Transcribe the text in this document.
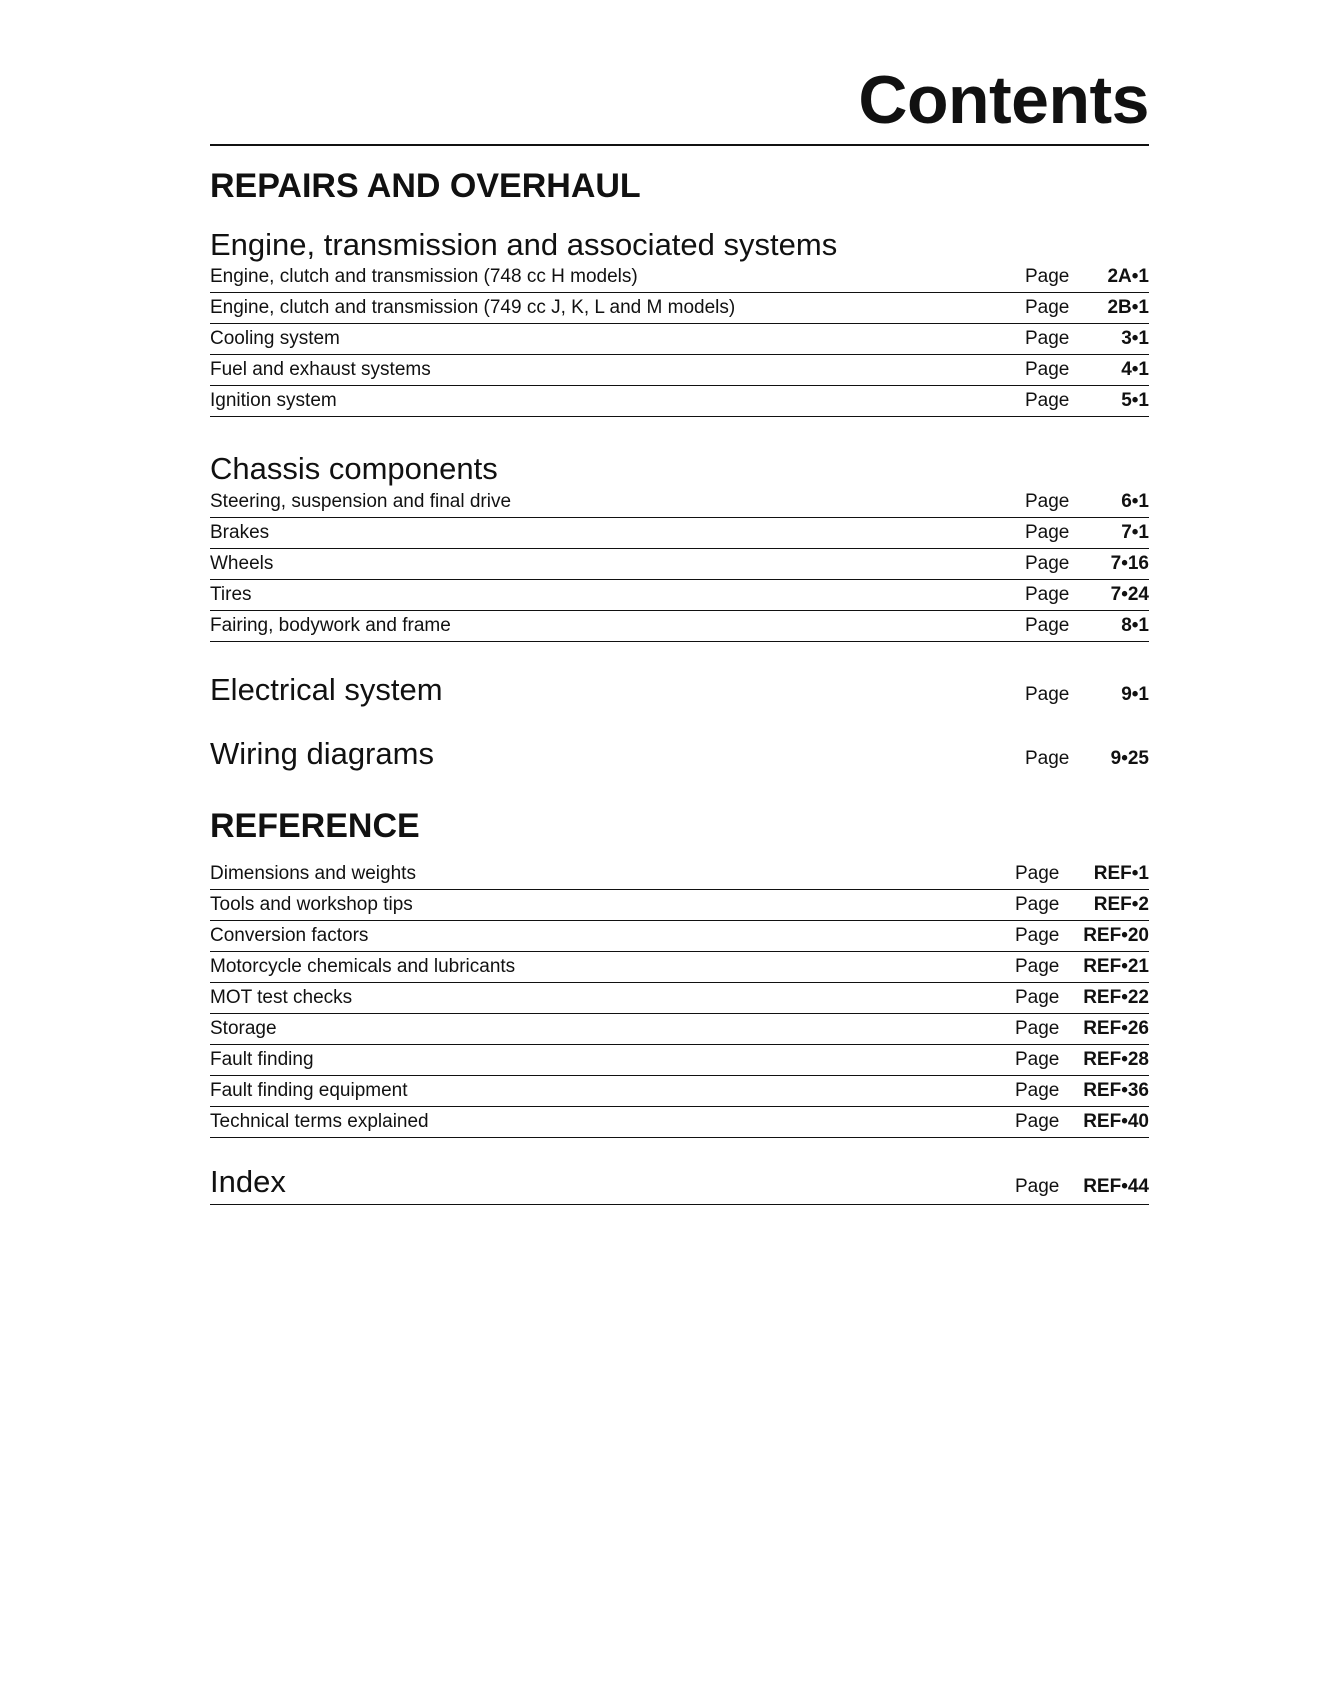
Contents
REPAIRS AND OVERHAUL
Engine, transmission and associated systems
Engine, clutch and transmission (748 cc H models)	Page	2A•1
Engine, clutch and transmission (749 cc J, K, L and M models)	Page	2B•1
Cooling system	Page	3•1
Fuel and exhaust systems	Page	4•1
Ignition system	Page	5•1
Chassis components
Steering, suspension and final drive	Page	6•1
Brakes	Page	7•1
Wheels	Page	7•16
Tires	Page	7•24
Fairing, bodywork and frame	Page	8•1
Electrical system	Page	9•1
Wiring diagrams	Page	9•25
REFERENCE
Dimensions and weights	Page	REF•1
Tools and workshop tips	Page	REF•2
Conversion factors	Page	REF•20
Motorcycle chemicals and lubricants	Page	REF•21
MOT test checks	Page	REF•22
Storage	Page	REF•26
Fault finding	Page	REF•28
Fault finding equipment	Page	REF•36
Technical terms explained	Page	REF•40
Index	Page	REF•44
